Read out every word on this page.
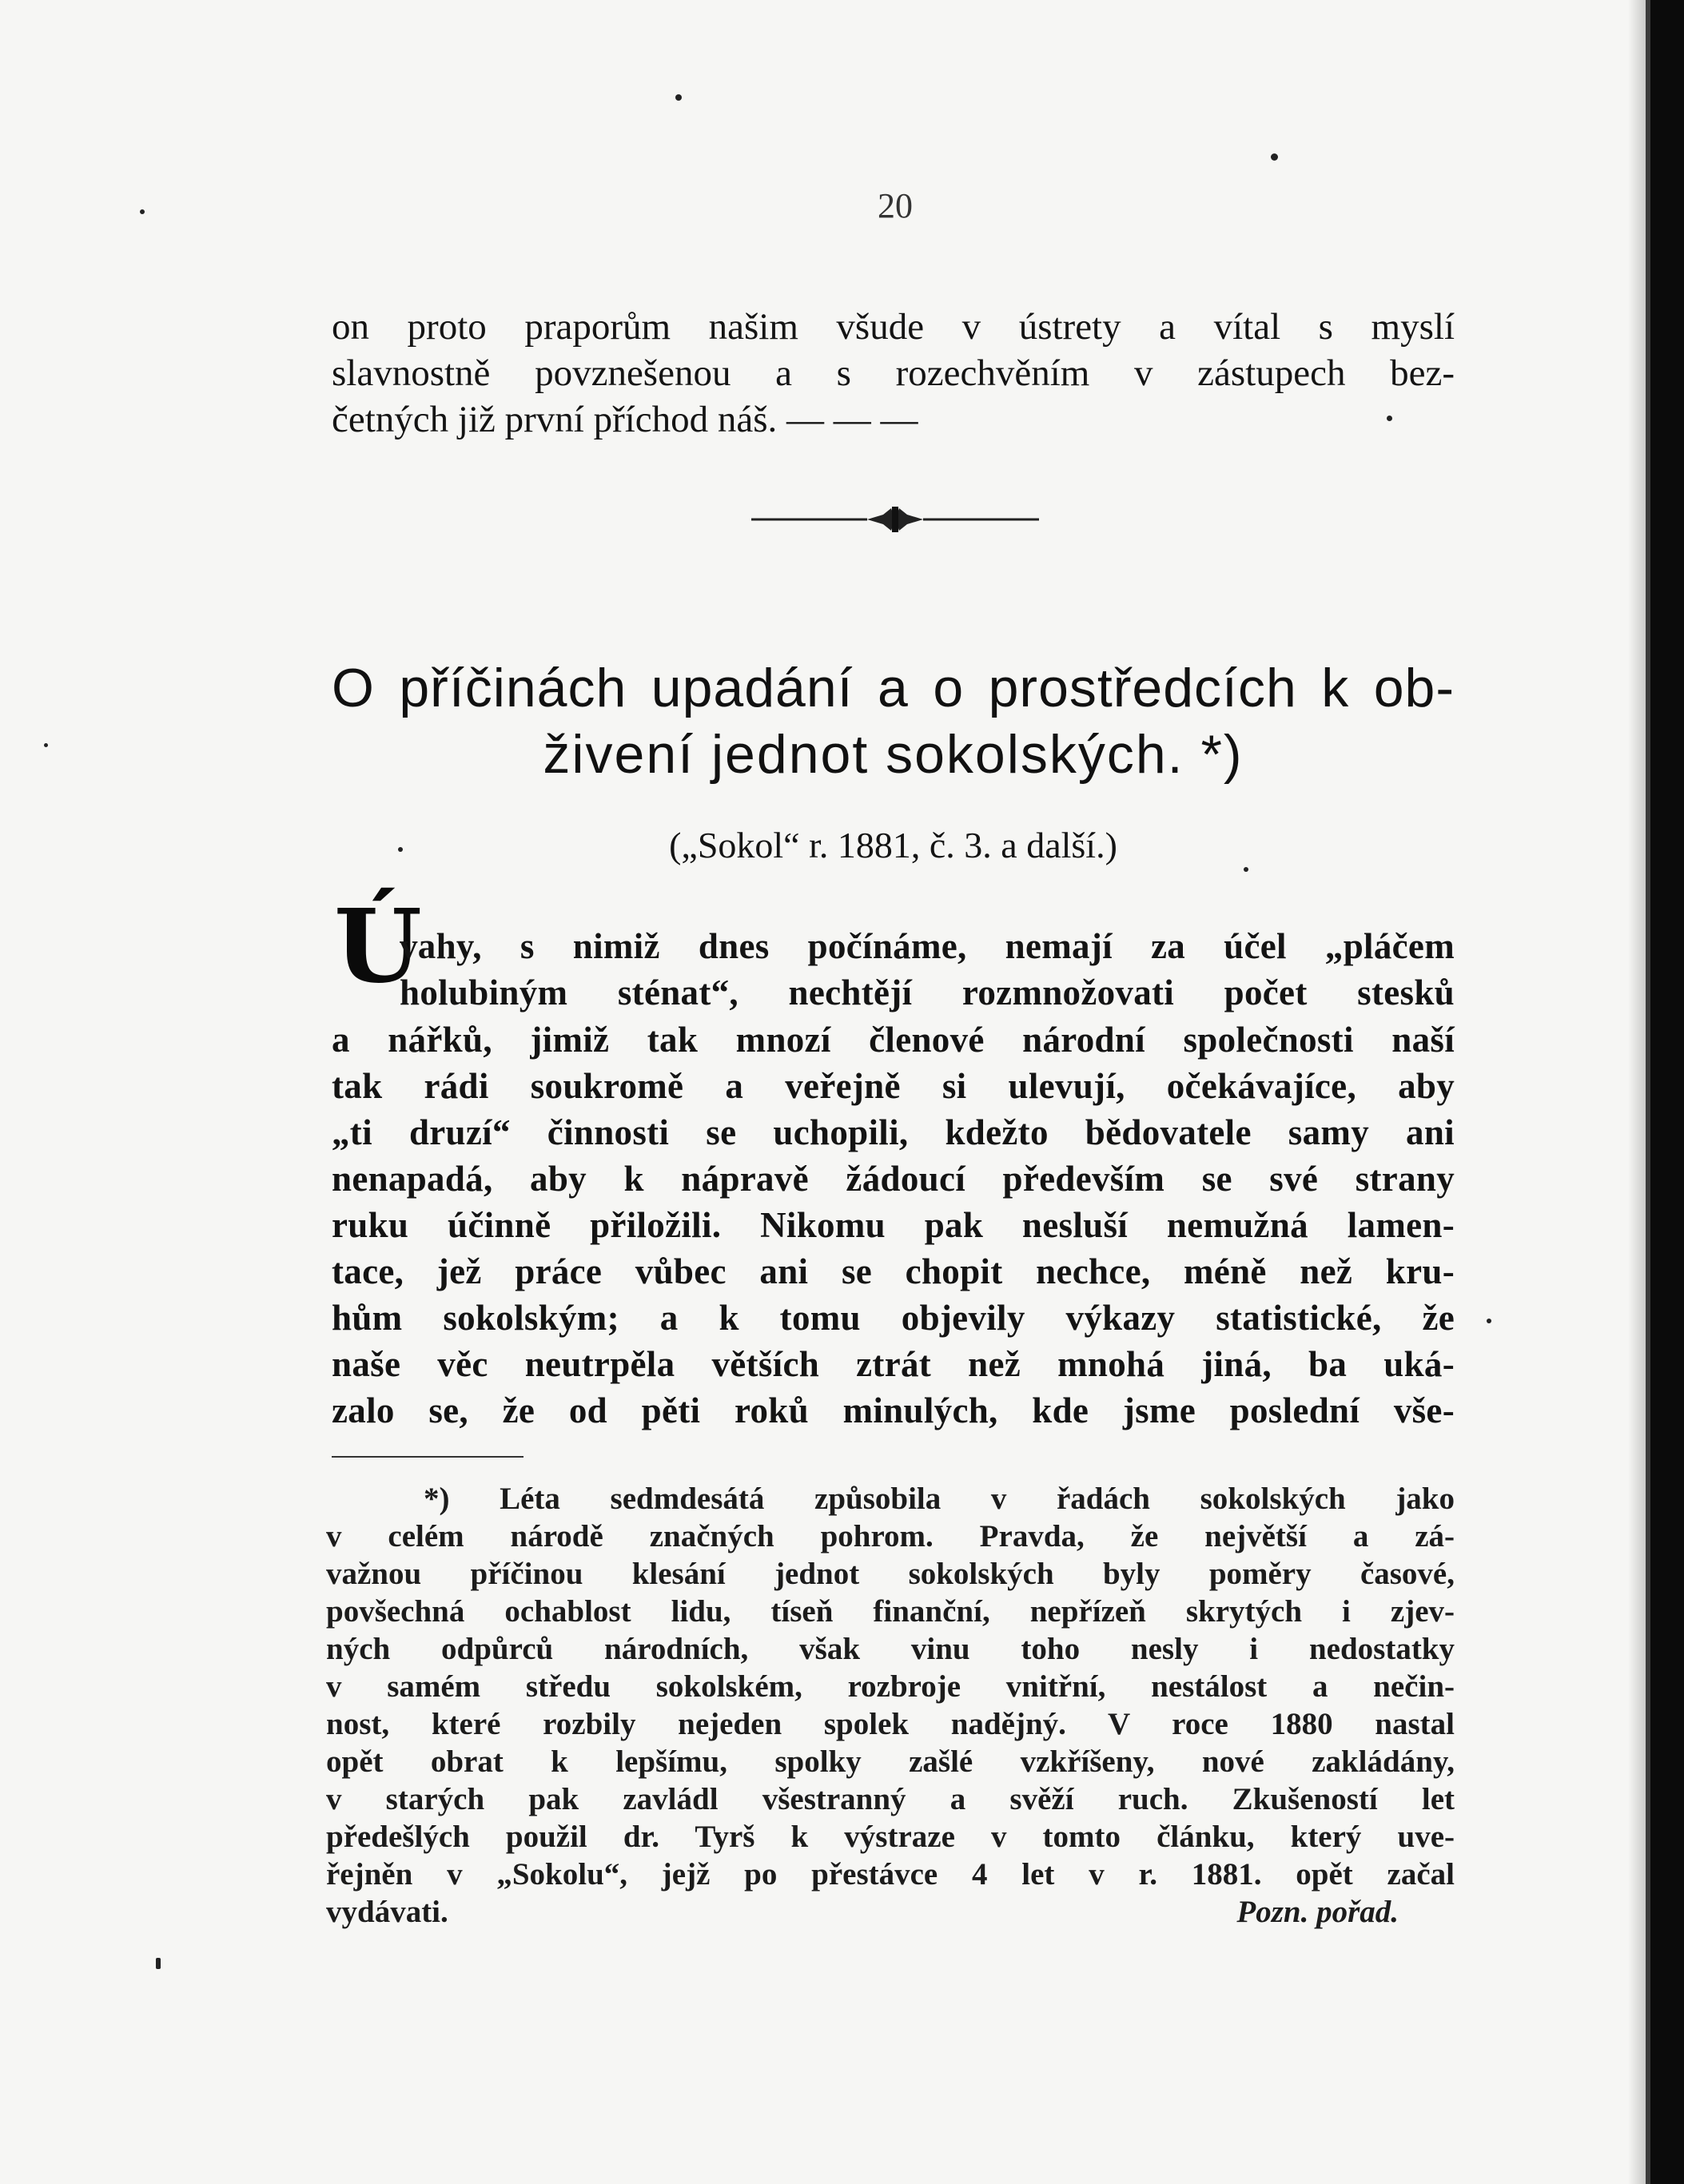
20
on proto praporům našim všude v ústrety a vítal s myslí
slavnostně povznešenou a s rozechvěním v zástupech bez-
četných již první příchod náš. — — —
O příčinách upadání a o prostředcích k ob-
živení jednot sokolských. *)
(„Sokol“ r. 1881, č. 3. a další.)
Ú
vahy, s nimiž dnes počínáme, nemají za účel „pláčem
holubiným sténat“, nechtějí rozmnožovati počet stesků
a nářků, jimiž tak mnozí členové národní společnosti naší
tak rádi soukromě a veřejně si ulevují, očekávajíce, aby
„ti druzí“ činnosti se uchopili, kdežto bědovatele samy ani
nenapadá, aby k nápravě žádoucí především se své strany
ruku účinně přiložili. Nikomu pak nesluší nemužná lamen-
tace, jež práce vůbec ani se chopit nechce, méně než kru-
hům sokolským; a k tomu objevily výkazy statistické, že
naše věc neutrpěla větších ztrát než mnohá jiná, ba uká-
zalo se, že od pěti roků minulých, kde jsme poslední vše-
*) Léta sedmdesátá způsobila v řadách sokolských jako
v celém národě značných pohrom. Pravda, že největší a zá-
važnou příčinou klesání jednot sokolských byly poměry časové,
povšechná ochablost lidu, tíseň finanční, nepřízeň skrytých i zjev-
ných odpůrců národních, však vinu toho nesly i nedostatky
v samém středu sokolském, rozbroje vnitřní, nestálost a nečin-
nost, které rozbily nejeden spolek nadějný. V roce 1880 nastal
opět obrat k lepšímu, spolky zašlé vzkříšeny, nové zakládány,
v starých pak zavládl všestranný a svěží ruch. Zkušeností let
předešlých použil dr. Tyrš k výstraze v tomto článku, který uve-
řejněn v „Sokolu“, jejž po přestávce 4 let v r. 1881. opět začal
vydávati.	Pozn. pořad.
